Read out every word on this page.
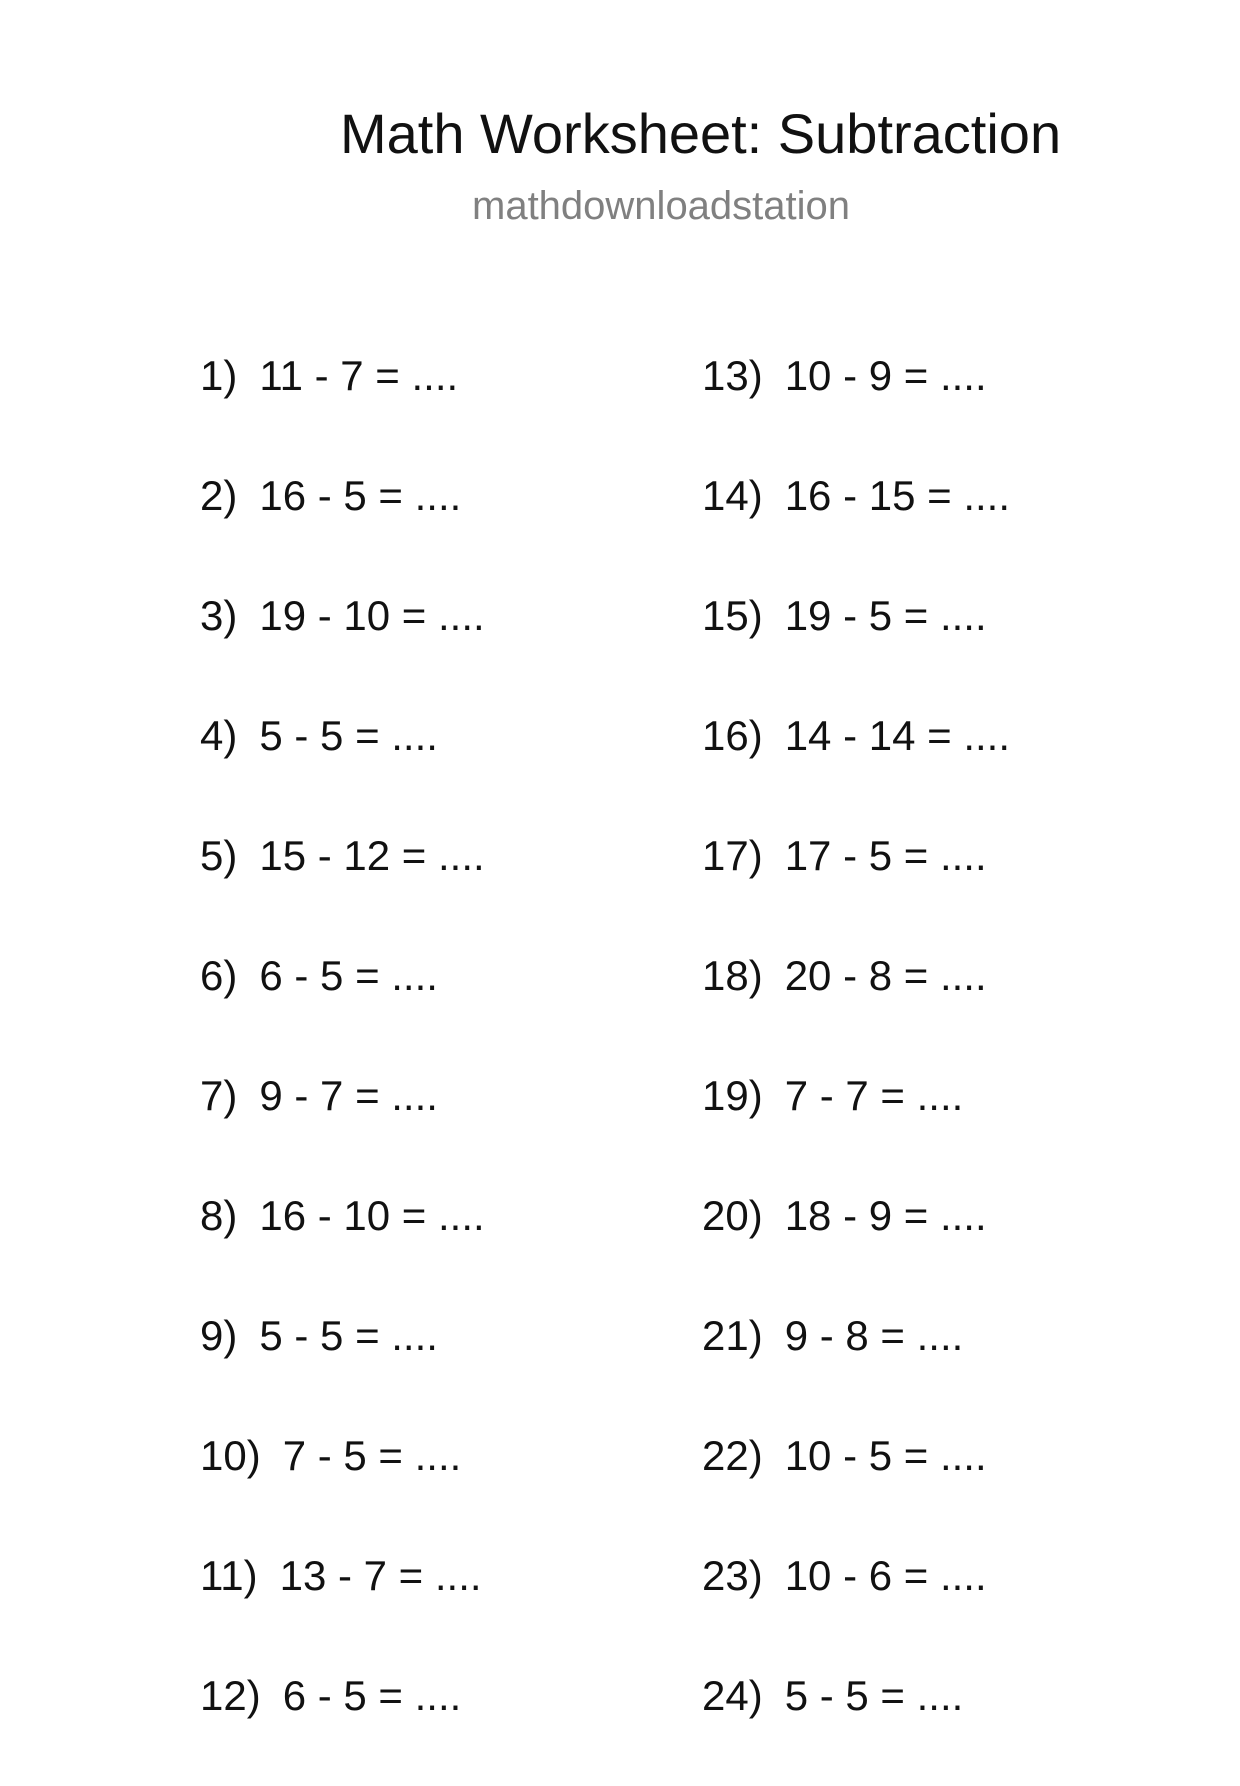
Math Worksheet: Subtraction
mathdownloadstation
1) 11 - 7 = ....
2) 16 - 5 = ....
3) 19 - 10 = ....
4) 5 - 5 = ....
5) 15 - 12 = ....
6) 6 - 5 = ....
7) 9 - 7 = ....
8) 16 - 10 = ....
9) 5 - 5 = ....
10) 7 - 5 = ....
11) 13 - 7 = ....
12) 6 - 5 = ....
13) 10 - 9 = ....
14) 16 - 15 = ....
15) 19 - 5 = ....
16) 14 - 14 = ....
17) 17 - 5 = ....
18) 20 - 8 = ....
19) 7 - 7 = ....
20) 18 - 9 = ....
21) 9 - 8 = ....
22) 10 - 5 = ....
23) 10 - 6 = ....
24) 5 - 5 = ....
